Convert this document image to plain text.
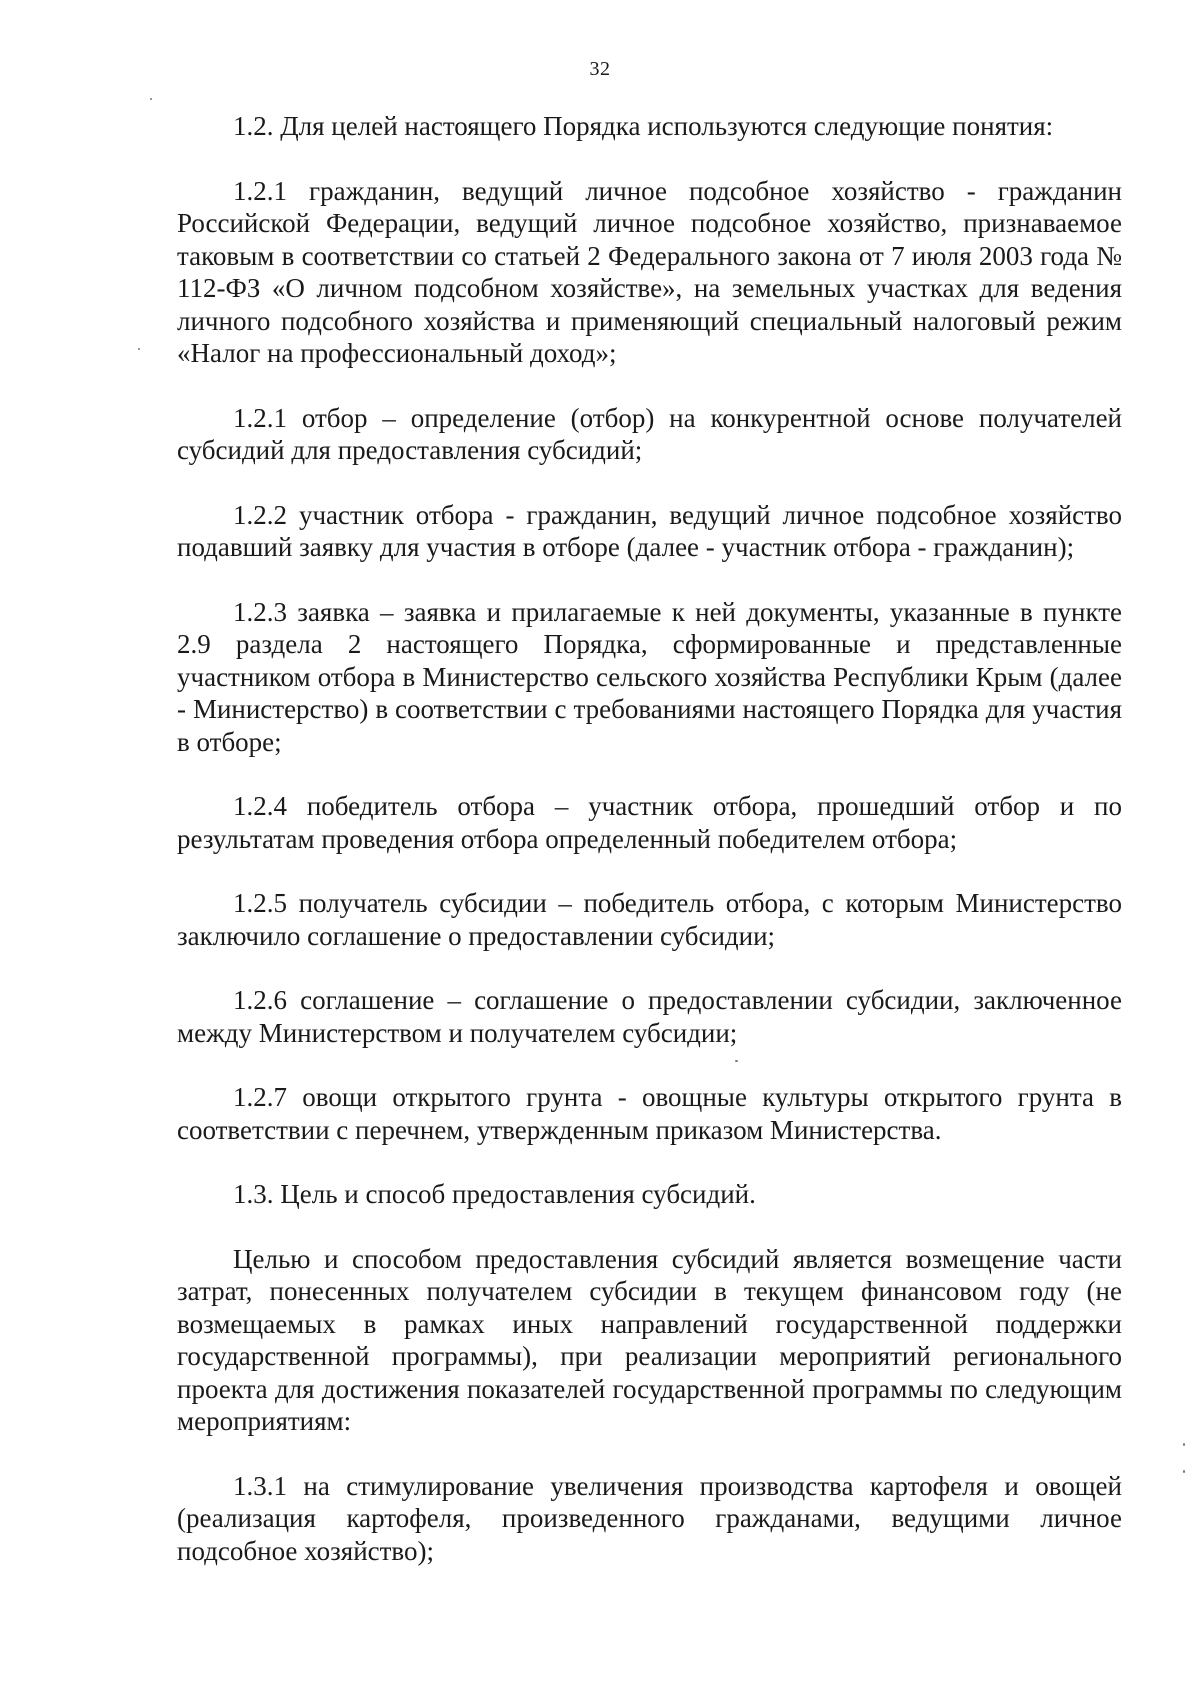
32

1.2. Для целей настоящего Порядка используются следующие понятия:

1.2.1 гражданин, ведущий личное подсобное хозяйство - гражданин Российской Федерации, ведущий личное подсобное хозяйство, признаваемое таковым в соответствии со статьей 2 Федерального закона от 7 июля 2003 года № 112-ФЗ «О личном подсобном хозяйстве», на земельных участках для ведения личного подсобного хозяйства и применяющий специальный налоговый режим «Налог на профессиональный доход»;

1.2.1 отбор – определение (отбор) на конкурентной основе получателей субсидий для предоставления субсидий;

1.2.2 участник отбора - гражданин, ведущий личное подсобное хозяйство подавший заявку для участия в отборе (далее - участник отбора - гражданин);

1.2.3 заявка – заявка и прилагаемые к ней документы, указанные в пункте 2.9 раздела 2 настоящего Порядка, сформированные и представленные участником отбора в Министерство сельского хозяйства Республики Крым (далее - Министерство) в соответствии с требованиями настоящего Порядка для участия в отборе;

1.2.4 победитель отбора – участник отбора, прошедший отбор и по результатам проведения отбора определенный победителем отбора;

1.2.5 получатель субсидии – победитель отбора, с которым Министерство заключило соглашение о предоставлении субсидии;

1.2.6 соглашение – соглашение о предоставлении субсидии, заключенное между Министерством и получателем субсидии;

1.2.7 овощи открытого грунта - овощные культуры открытого грунта в соответствии с перечнем, утвержденным приказом Министерства.

1.3. Цель и способ предоставления субсидий.

Целью и способом предоставления субсидий является возмещение части затрат, понесенных получателем субсидии в текущем финансовом году (не возмещаемых в рамках иных направлений государственной поддержки государственной программы), при реализации мероприятий регионального проекта для достижения показателей государственной программы по следующим мероприятиям:

1.3.1 на стимулирование увеличения производства картофеля и овощей (реализация картофеля, произведенного гражданами, ведущими личное подсобное хозяйство);
